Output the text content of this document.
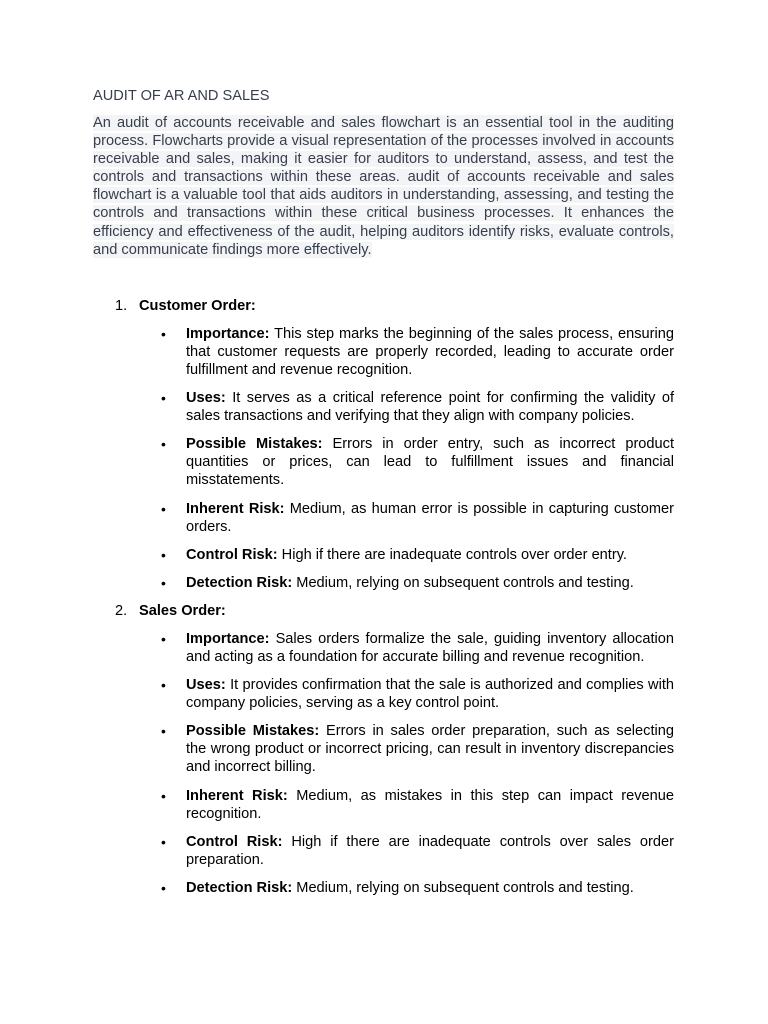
AUDIT OF AR AND SALES

An audit of accounts receivable and sales flowchart is an essential tool in the auditing process. Flowcharts provide a visual representation of the processes involved in accounts receivable and sales, making it easier for auditors to understand, assess, and test the controls and transactions within these areas. audit of accounts receivable and sales flowchart is a valuable tool that aids auditors in understanding, assessing, and testing the controls and transactions within these critical business processes. It enhances the efficiency and effectiveness of the audit, helping auditors identify risks, evaluate controls, and communicate findings more effectively.

1. Customer Order:
• Importance: This step marks the beginning of the sales process, ensuring that customer requests are properly recorded, leading to accurate order fulfillment and revenue recognition.
• Uses: It serves as a critical reference point for confirming the validity of sales transactions and verifying that they align with company policies.
• Possible Mistakes: Errors in order entry, such as incorrect product quantities or prices, can lead to fulfillment issues and financial misstatements.
• Inherent Risk: Medium, as human error is possible in capturing customer orders.
• Control Risk: High if there are inadequate controls over order entry.
• Detection Risk: Medium, relying on subsequent controls and testing.
2. Sales Order:
• Importance: Sales orders formalize the sale, guiding inventory allocation and acting as a foundation for accurate billing and revenue recognition.
• Uses: It provides confirmation that the sale is authorized and complies with company policies, serving as a key control point.
• Possible Mistakes: Errors in sales order preparation, such as selecting the wrong product or incorrect pricing, can result in inventory discrepancies and incorrect billing.
• Inherent Risk: Medium, as mistakes in this step can impact revenue recognition.
• Control Risk: High if there are inadequate controls over sales order preparation.
• Detection Risk: Medium, relying on subsequent controls and testing.
